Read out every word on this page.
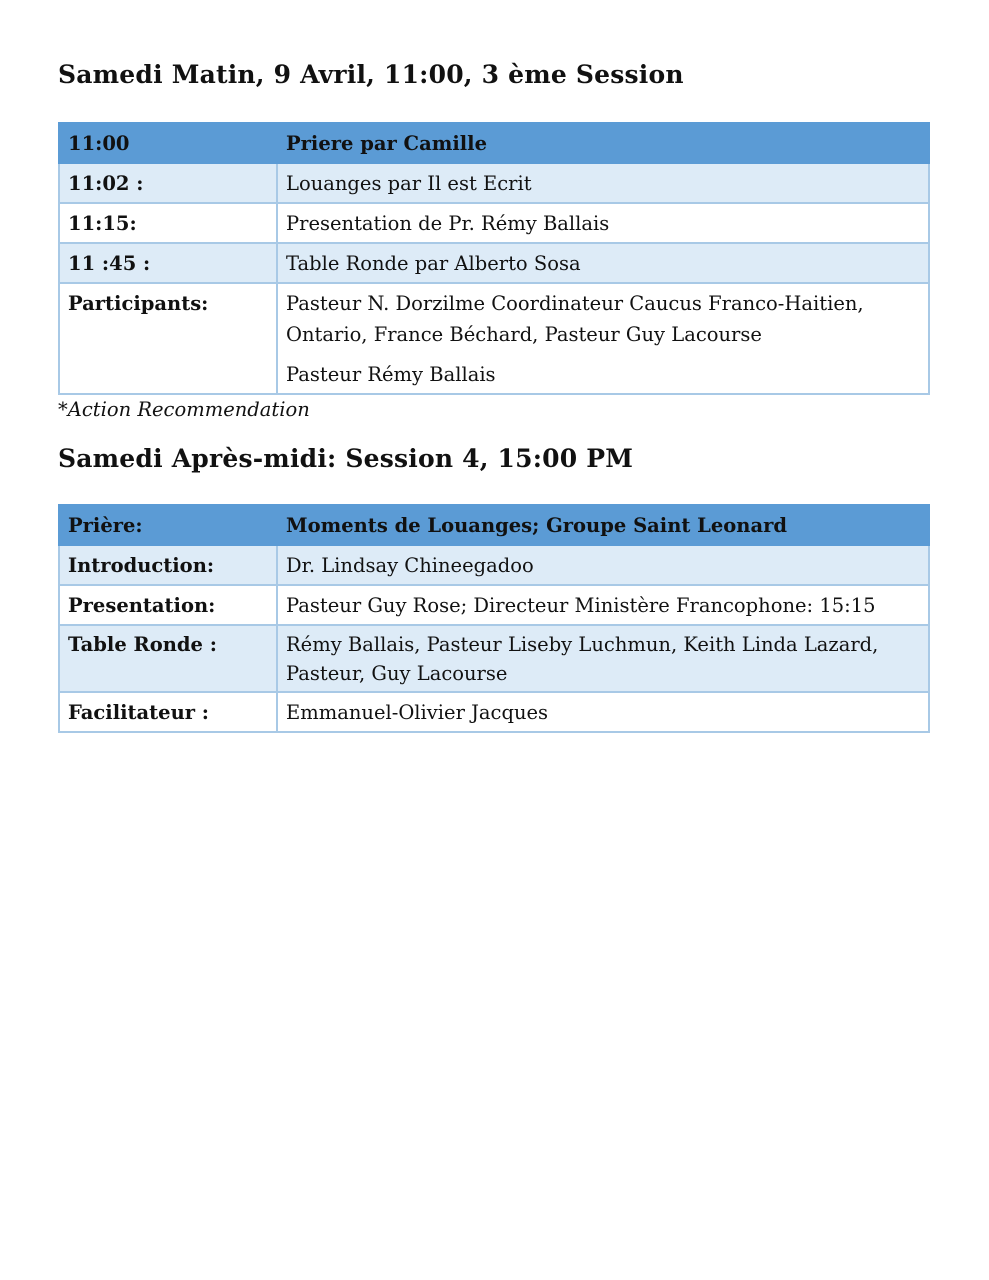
Samedi Matin, 9 Avril, 11:00, 3 ème Session
11:00	Priere par Camille
11:02 :	Louanges par Il est Ecrit
11:15:	Presentation de Pr. Rémy Ballais
11 :45 :	Table Ronde par Alberto Sosa
Participants:	Pasteur N. Dorzilme Coordinateur Caucus Franco-Haitien, Ontario, France Béchard, Pasteur Guy Lacourse
Pasteur Rémy Ballais
*Action Recommendation
Samedi Après-midi: Session 4, 15:00 PM
Prière:	Moments de Louanges; Groupe Saint Leonard
Introduction:	Dr. Lindsay Chineegadoo
Presentation:	Pasteur Guy Rose; Directeur Ministère Francophone: 15:15
Table Ronde :	Rémy Ballais, Pasteur Liseby Luchmun, Keith Linda Lazard, Pasteur, Guy Lacourse
Facilitateur :	Emmanuel-Olivier Jacques
